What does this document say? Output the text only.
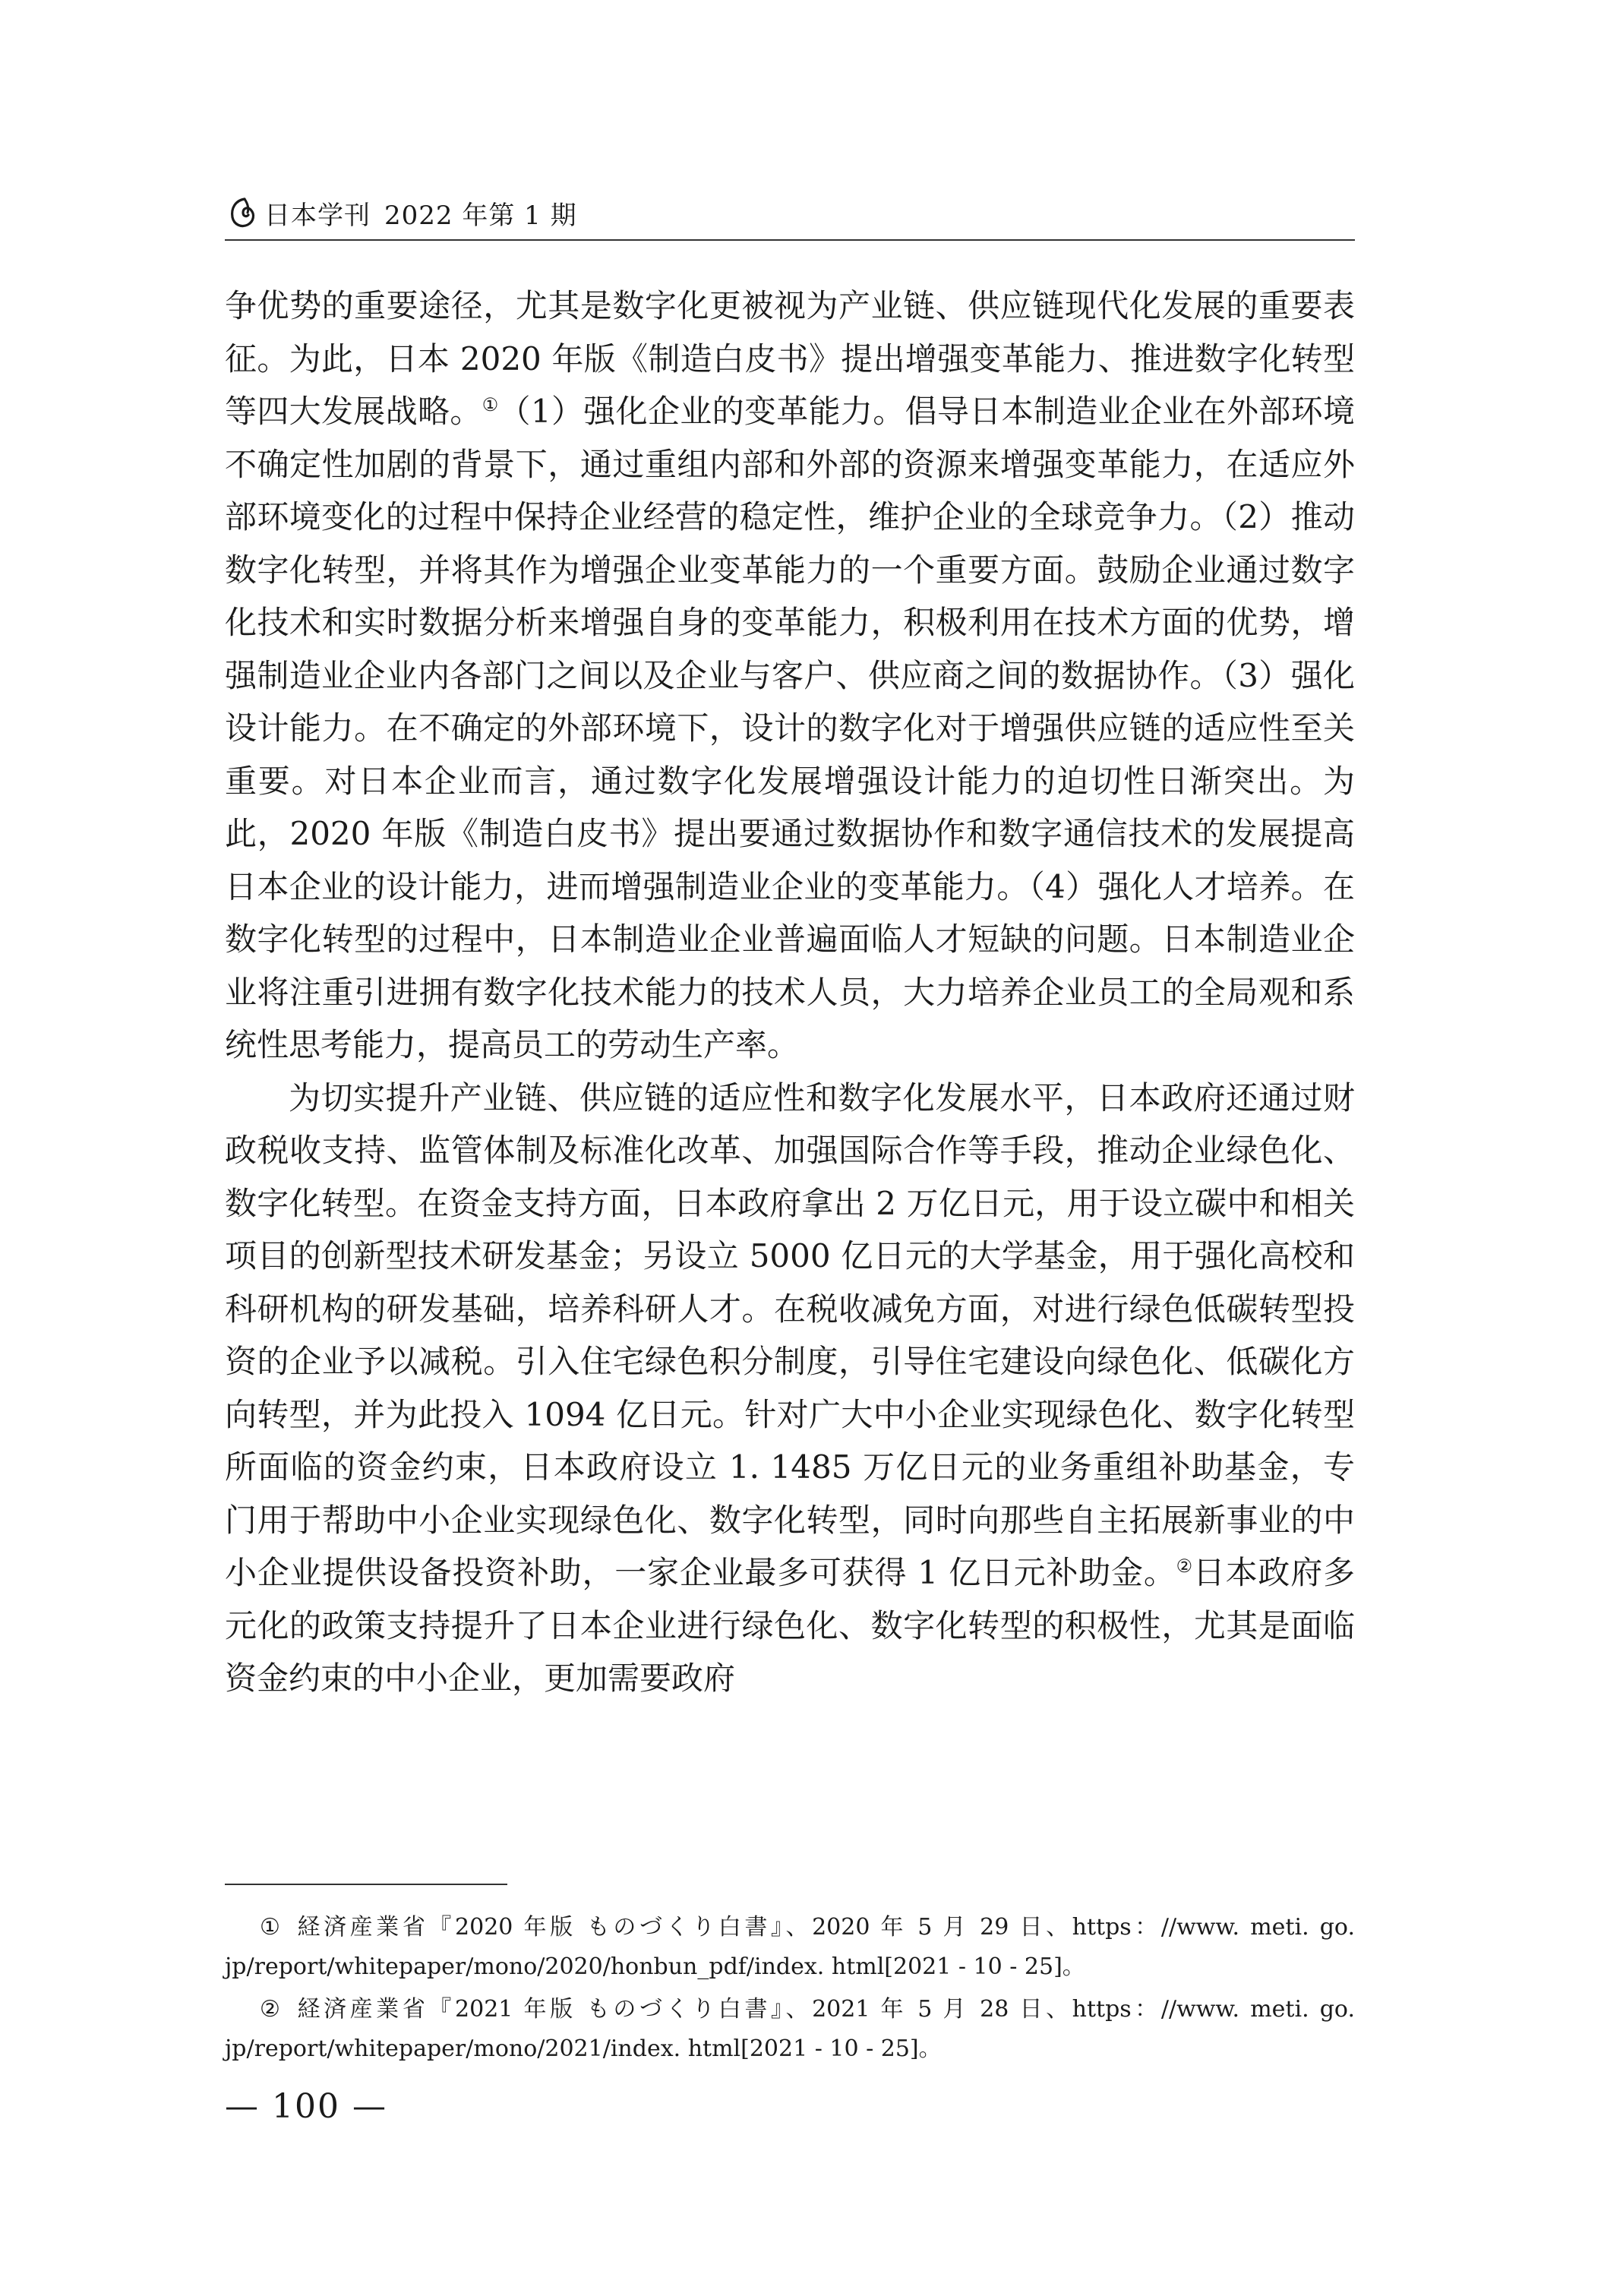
日本学刊 2022 年第 1 期

争优势的重要途径，尤其是数字化更被视为产业链、供应链现代化发展的重要表征。为此，日本 2020 年版《制造白皮书》提出增强变革能力、推进数字化转型等四大发展战略。①（1）强化企业的变革能力。倡导日本制造业企业在外部环境不确定性加剧的背景下，通过重组内部和外部的资源来增强变革能力，在适应外部环境变化的过程中保持企业经营的稳定性，维护企业的全球竞争力。（2）推动数字化转型，并将其作为增强企业变革能力的一个重要方面。鼓励企业通过数字化技术和实时数据分析来增强自身的变革能力，积极利用在技术方面的优势，增强制造业企业内各部门之间以及企业与客户、供应商之间的数据协作。（3）强化设计能力。在不确定的外部环境下，设计的数字化对于增强供应链的适应性至关重要。对日本企业而言，通过数字化发展增强设计能力的迫切性日渐突出。为此，2020 年版《制造白皮书》提出要通过数据协作和数字通信技术的发展提高日本企业的设计能力，进而增强制造业企业的变革能力。（4）强化人才培养。在数字化转型的过程中，日本制造业企业普遍面临人才短缺的问题。日本制造业企业将注重引进拥有数字化技术能力的技术人员，大力培养企业员工的全局观和系统性思考能力，提高员工的劳动生产率。

为切实提升产业链、供应链的适应性和数字化发展水平，日本政府还通过财政税收支持、监管体制及标准化改革、加强国际合作等手段，推动企业绿色化、数字化转型。在资金支持方面，日本政府拿出 2 万亿日元，用于设立碳中和相关项目的创新型技术研发基金；另设立 5000 亿日元的大学基金，用于强化高校和科研机构的研发基础，培养科研人才。在税收减免方面，对进行绿色低碳转型投资的企业予以减税。引入住宅绿色积分制度，引导住宅建设向绿色化、低碳化方向转型，并为此投入 1094 亿日元。针对广大中小企业实现绿色化、数字化转型所面临的资金约束，日本政府设立 1. 1485 万亿日元的业务重组补助基金，专门用于帮助中小企业实现绿色化、数字化转型，同时向那些自主拓展新事业的中小企业提供设备投资补助，一家企业最多可获得 1 亿日元补助金。②日本政府多元化的政策支持提升了日本企业进行绿色化、数字化转型的积极性，尤其是面临资金约束的中小企业，更加需要政府

① 経済産業省『2020 年版 ものづくり白書』、2020 年 5 月 29 日、https：//www. meti. go. jp/report/whitepaper/mono/2020/honbun_pdf/index. html[2021 - 10 - 25]。

② 経済産業省『2021 年版 ものづくり白書』、2021 年 5 月 28 日、https：//www. meti. go. jp/report/whitepaper/mono/2021/index. html[2021 - 10 - 25]。

— 100 —
